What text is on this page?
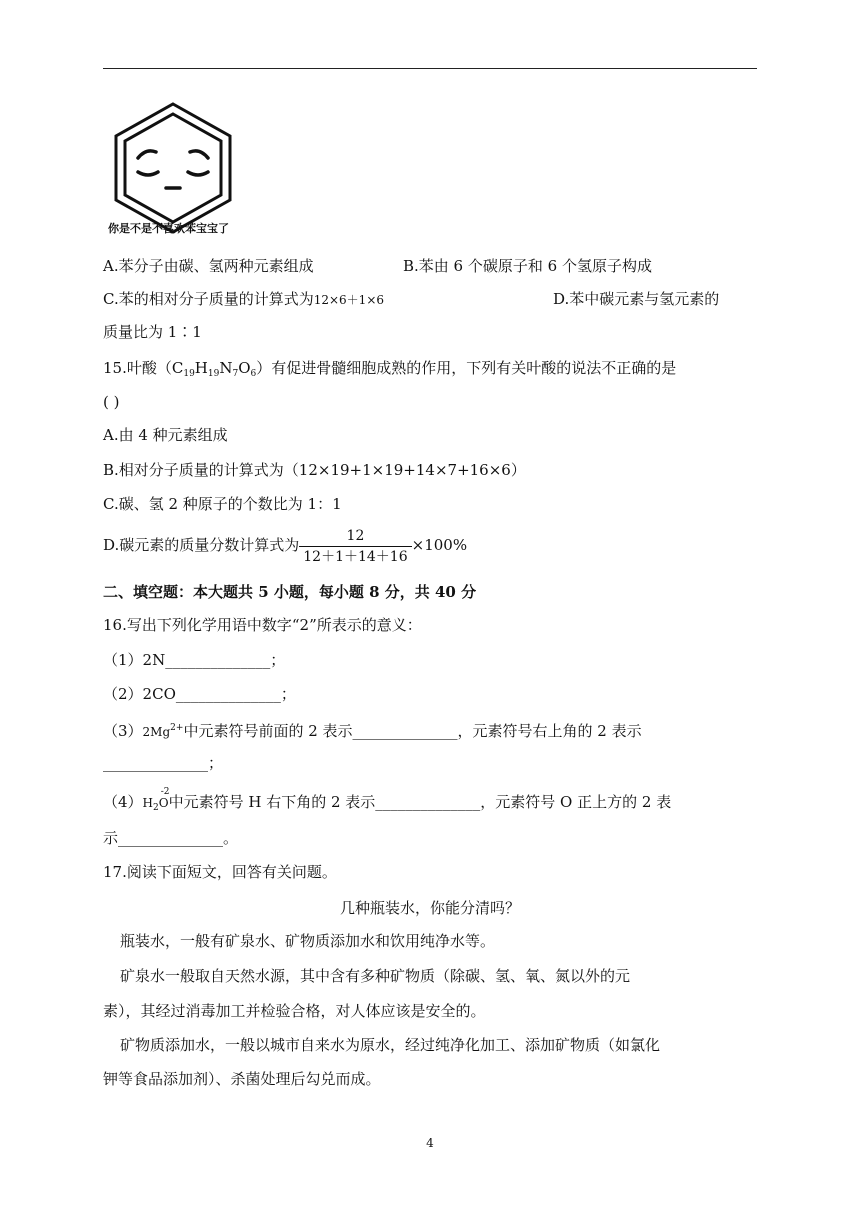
你是不是不喜欢苯宝宝了
A.苯分子由碳、氢两种元素组成	B.苯由 6 个碳原子和 6 个氢原子构成
C.苯的相对分子质量的计算式为12×6＋1×6	D.苯中碳元素与氢元素的
质量比为 1∶1
15.叶酸$(C_{19}H_{19}N_7O_6)$有促进骨髓细胞成熟的作用，下列有关叶酸的说法不正确的是
( )
A.由 4 种元素组成
B.相对分子质量的计算式为（12×19+1×19+14×7+16×6）
C.碳、氢 2 种原子的个数比为 1：1
D.碳元素的质量分数计算式为 $\frac{12}{12+1+14+16} \times 100\%$
二、填空题：本大题共 5 小题，每小题 8 分，共 40 分
16.写出下列化学用语中数字“2”所表示的意义：
（1）2N______________；
（2）2CO______________；
$(3)2Mg^{2+}$中元素符号前面的 2 表示______________，元素符号右上角的 2 表示
______________；
$(4)H_2$
-2
O中元素符号 H 右下角的 2 表示______________，元素符号 O 正上方的 2 表
示______________。
17.阅读下面短文，回答有关问题。
几种瓶装水，你能分清吗？
瓶装水，一般有矿泉水、矿物质添加水和饮用纯净水等。
矿泉水一般取自天然水源，其中含有多种矿物质（除碳、氢、氧、氮以外的元
素），其经过消毒加工并检验合格，对人体应该是安全的。
矿物质添加水，一般以城市自来水为原水，经过纯净化加工、添加矿物质（如氯化
钾等食品添加剂）、杀菌处理后勾兑而成。
4
